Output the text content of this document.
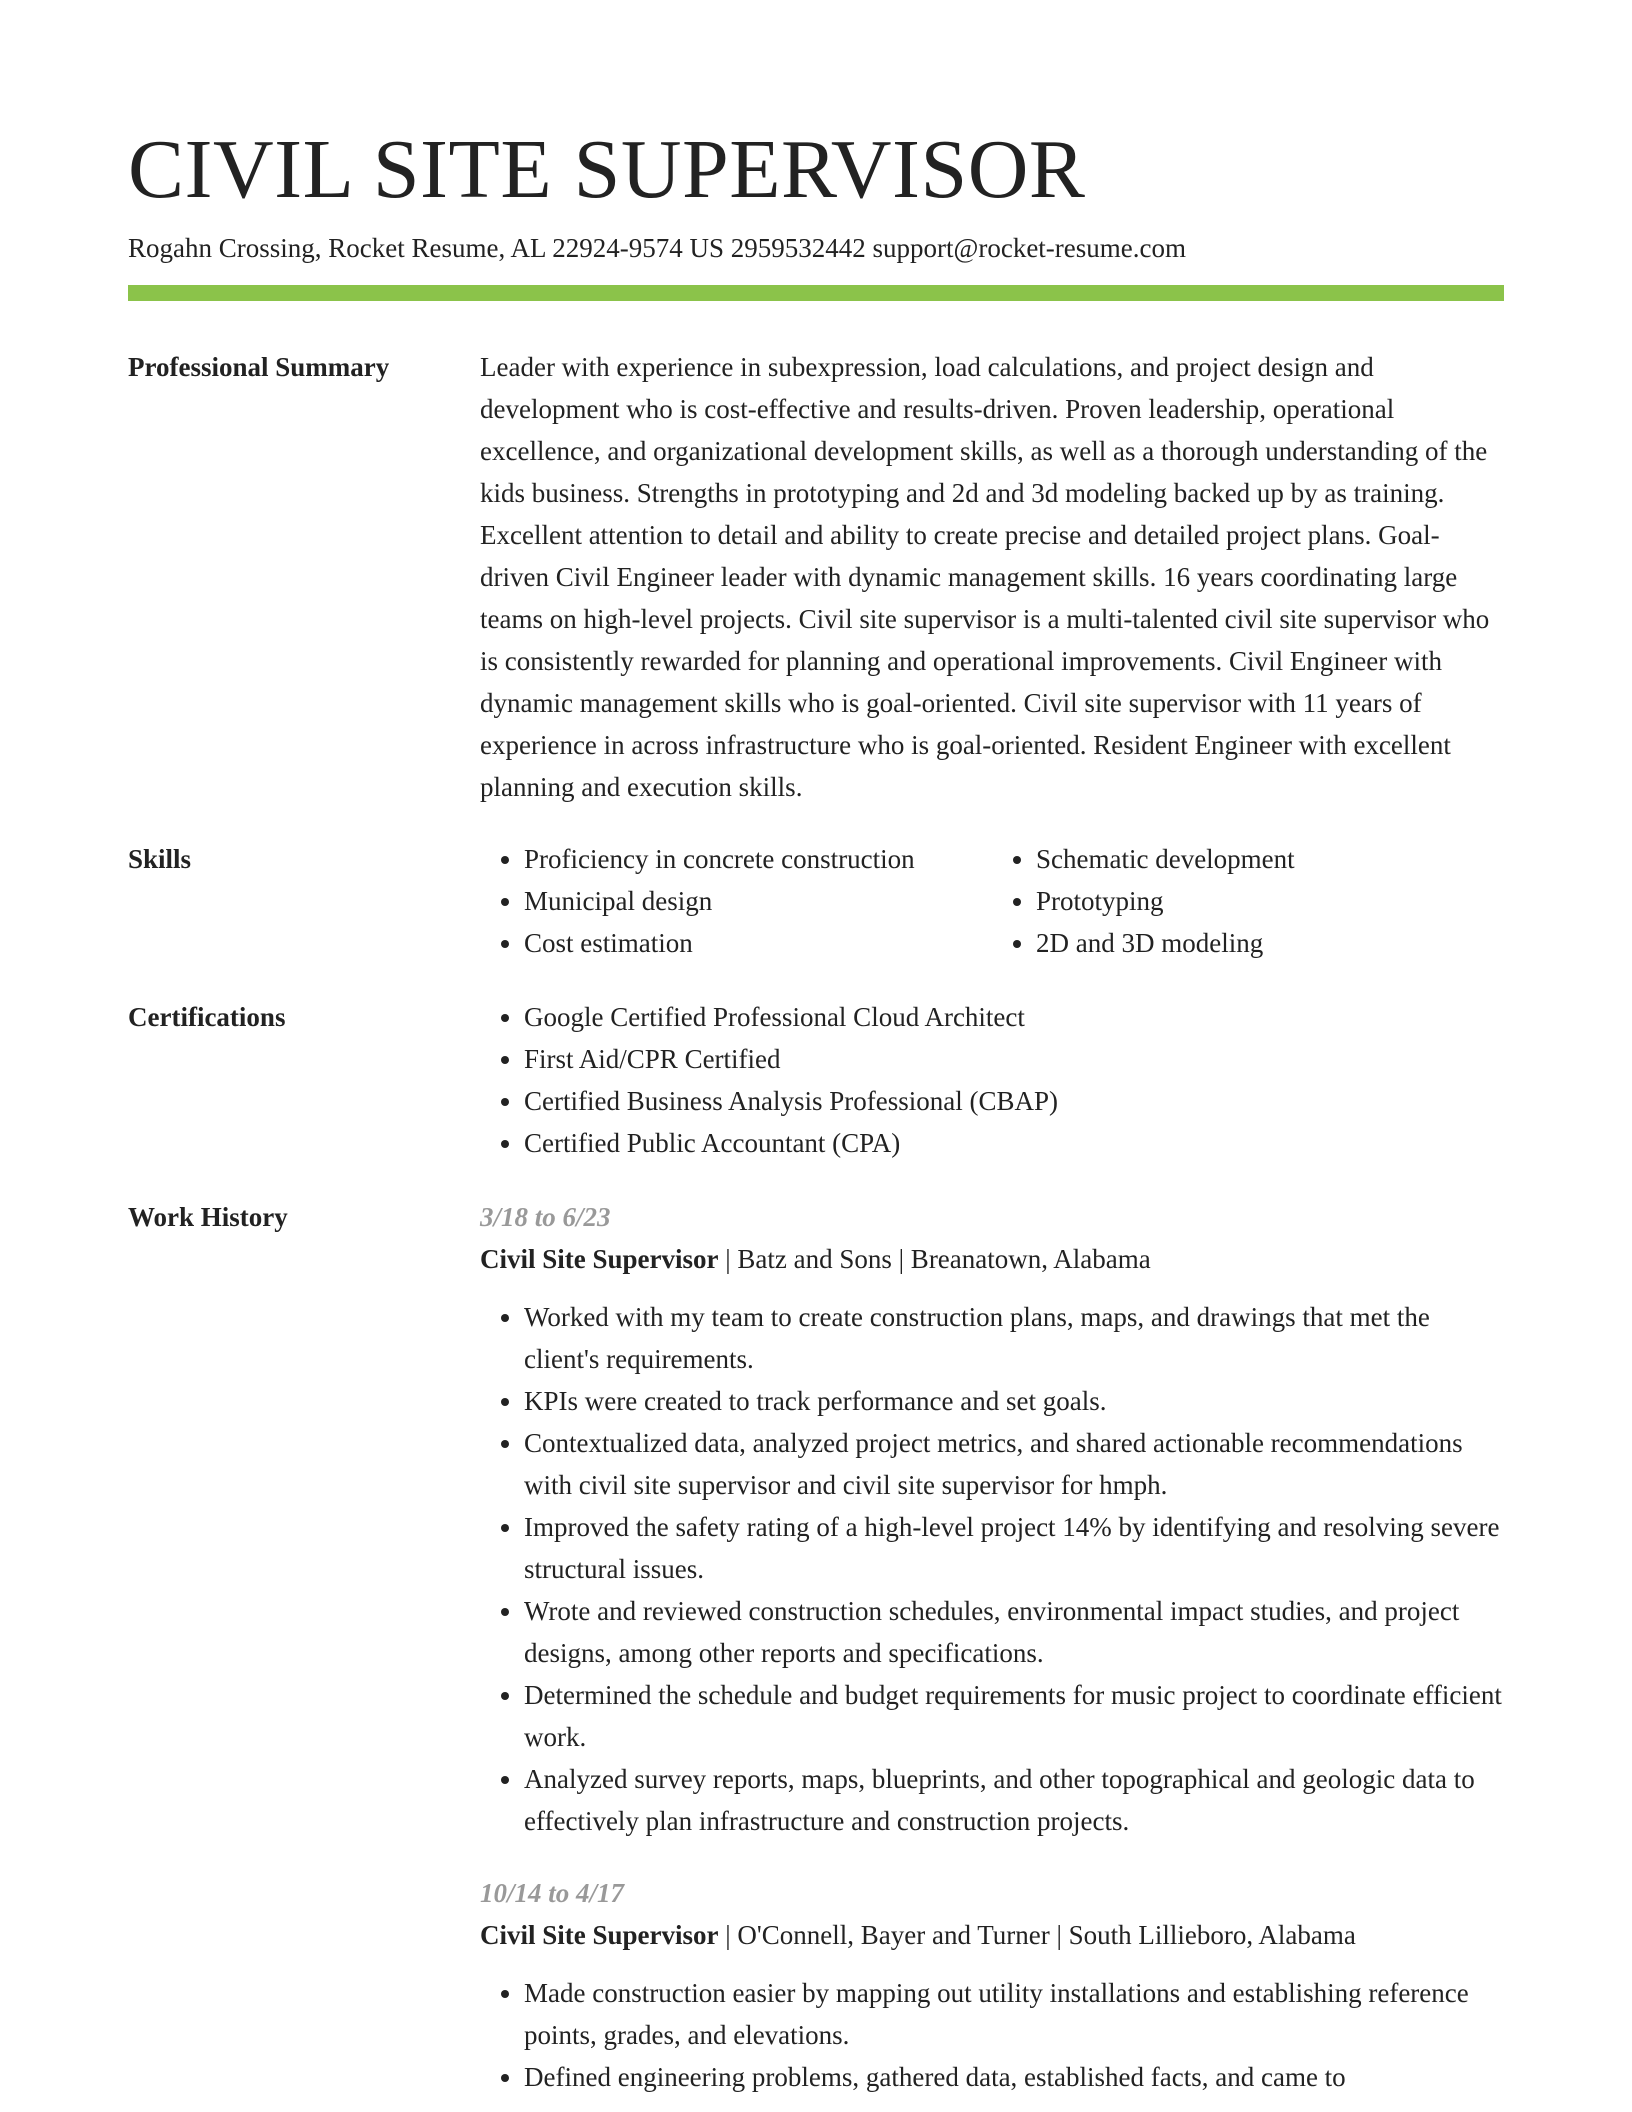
CIVIL SITE SUPERVISOR
Rogahn Crossing, Rocket Resume, AL 22924-9574 US 2959532442 support@rocket-resume.com
Professional Summary	Leader with experience in subexpression, load calculations, and project design and development who is cost-effective and results-driven. Proven leadership, operational excellence, and organizational development skills, as well as a thorough understanding of the kids business. Strengths in prototyping and 2d and 3d modeling backed up by as training. Excellent attention to detail and ability to create precise and detailed project plans. Goal-driven Civil Engineer leader with dynamic management skills. 16 years coordinating large teams on high-level projects. Civil site supervisor is a multi-talented civil site supervisor who is consistently rewarded for planning and operational improvements. Civil Engineer with dynamic management skills who is goal-oriented. Civil site supervisor with 11 years of experience in across infrastructure who is goal-oriented. Resident Engineer with excellent planning and execution skills.

Skills	• Proficiency in concrete construction
• Municipal design
• Cost estimation
• Schematic development
• Prototyping
• 2D and 3D modeling
Certifications	• Google Certified Professional Cloud Architect
• First Aid/CPR Certified
• Certified Business Analysis Professional (CBAP)
• Certified Public Accountant (CPA)
Work History	3/18 to 6/23
Civil Site Supervisor | Batz and Sons | Breanatown, Alabama
• Worked with my team to create construction plans, maps, and drawings that met the client's requirements.
• KPIs were created to track performance and set goals.
• Contextualized data, analyzed project metrics, and shared actionable recommendations with civil site supervisor and civil site supervisor for hmph.
• Improved the safety rating of a high-level project 14% by identifying and resolving severe structural issues.
• Wrote and reviewed construction schedules, environmental impact studies, and project designs, among other reports and specifications.
• Determined the schedule and budget requirements for music project to coordinate efficient work.
• Analyzed survey reports, maps, blueprints, and other topographical and geologic data to effectively plan infrastructure and construction projects.
10/14 to 4/17
Civil Site Supervisor | O'Connell, Bayer and Turner | South Lillieboro, Alabama
• Made construction easier by mapping out utility installations and establishing reference points, grades, and elevations.
• Defined engineering problems, gathered data, established facts, and came to
